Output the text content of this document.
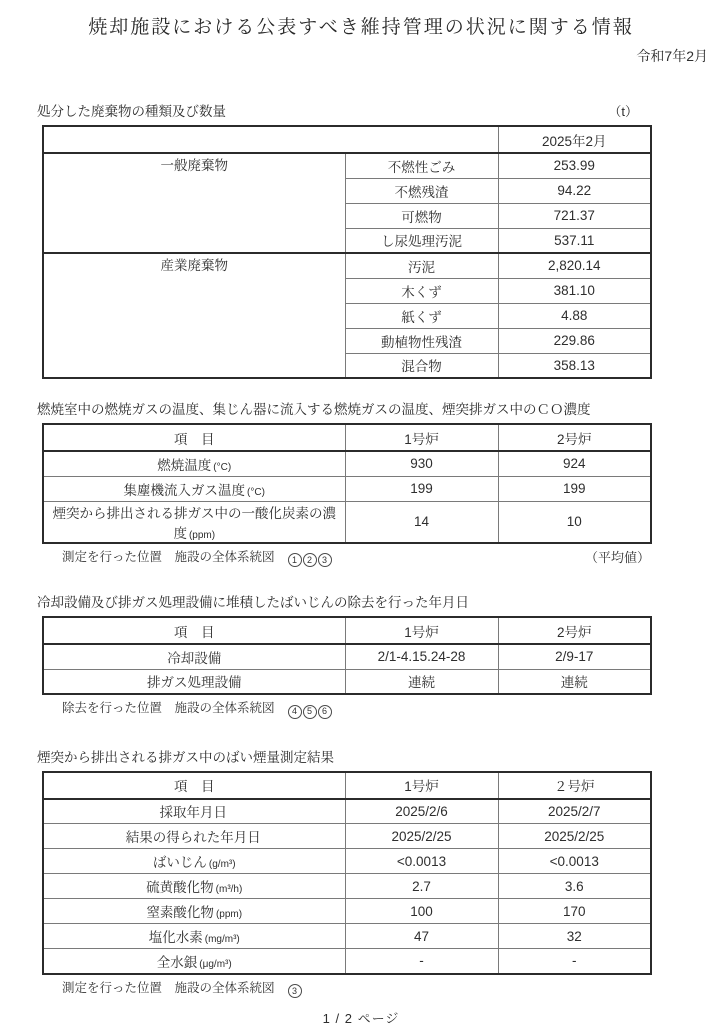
焼却施設における公表すべき維持管理の状況に関する情報
令和7年2月
処分した廃棄物の種類及び数量	（t）
		2025年2月
一般廃棄物	不燃性ごみ	253.99
	不燃残渣	94.22
	可燃物	721.37
	し尿処理汚泥	537.11
産業廃棄物	汚泥	2,820.14
	木くず	381.10
	紙くず	4.88
	動植物性残渣	229.86
	混合物	358.13
燃焼室中の燃焼ガスの温度、集じん器に流入する燃焼ガスの温度、煙突排ガス中のＣＯ濃度
項　目	1号炉	2号炉
燃焼温度 (°C)	930	924
集塵機流入ガス温度 (°C)	199	199
煙突から排出される排ガス中の一酸化炭素の濃度 (ppm)	14	10
測定を行った位置　施設の全体系統図 1 2 3	（平均値）
冷却設備及び排ガス処理設備に堆積したばいじんの除去を行った年月日
項　目	1号炉	2号炉
冷却設備	2/1-4.15.24-28	2/9-17
排ガス処理設備	連続	連続
除去を行った位置　施設の全体系統図 4 5 6
煙突から排出される排ガス中のばい煙量測定結果
項　目	1号炉	２号炉
採取年月日	2025/2/6	2025/2/7
結果の得られた年月日	2025/2/25	2025/2/25
ばいじん (g/m³)	<0.0013	<0.0013
硫黄酸化物 (m³/h)	2.7	3.6
窒素酸化物 (ppm)	100	170
塩化水素 (mg/m³)	47	32
全水銀 (μg/m³)	-	-
測定を行った位置　施設の全体系統図 3
1 / 2 ページ
